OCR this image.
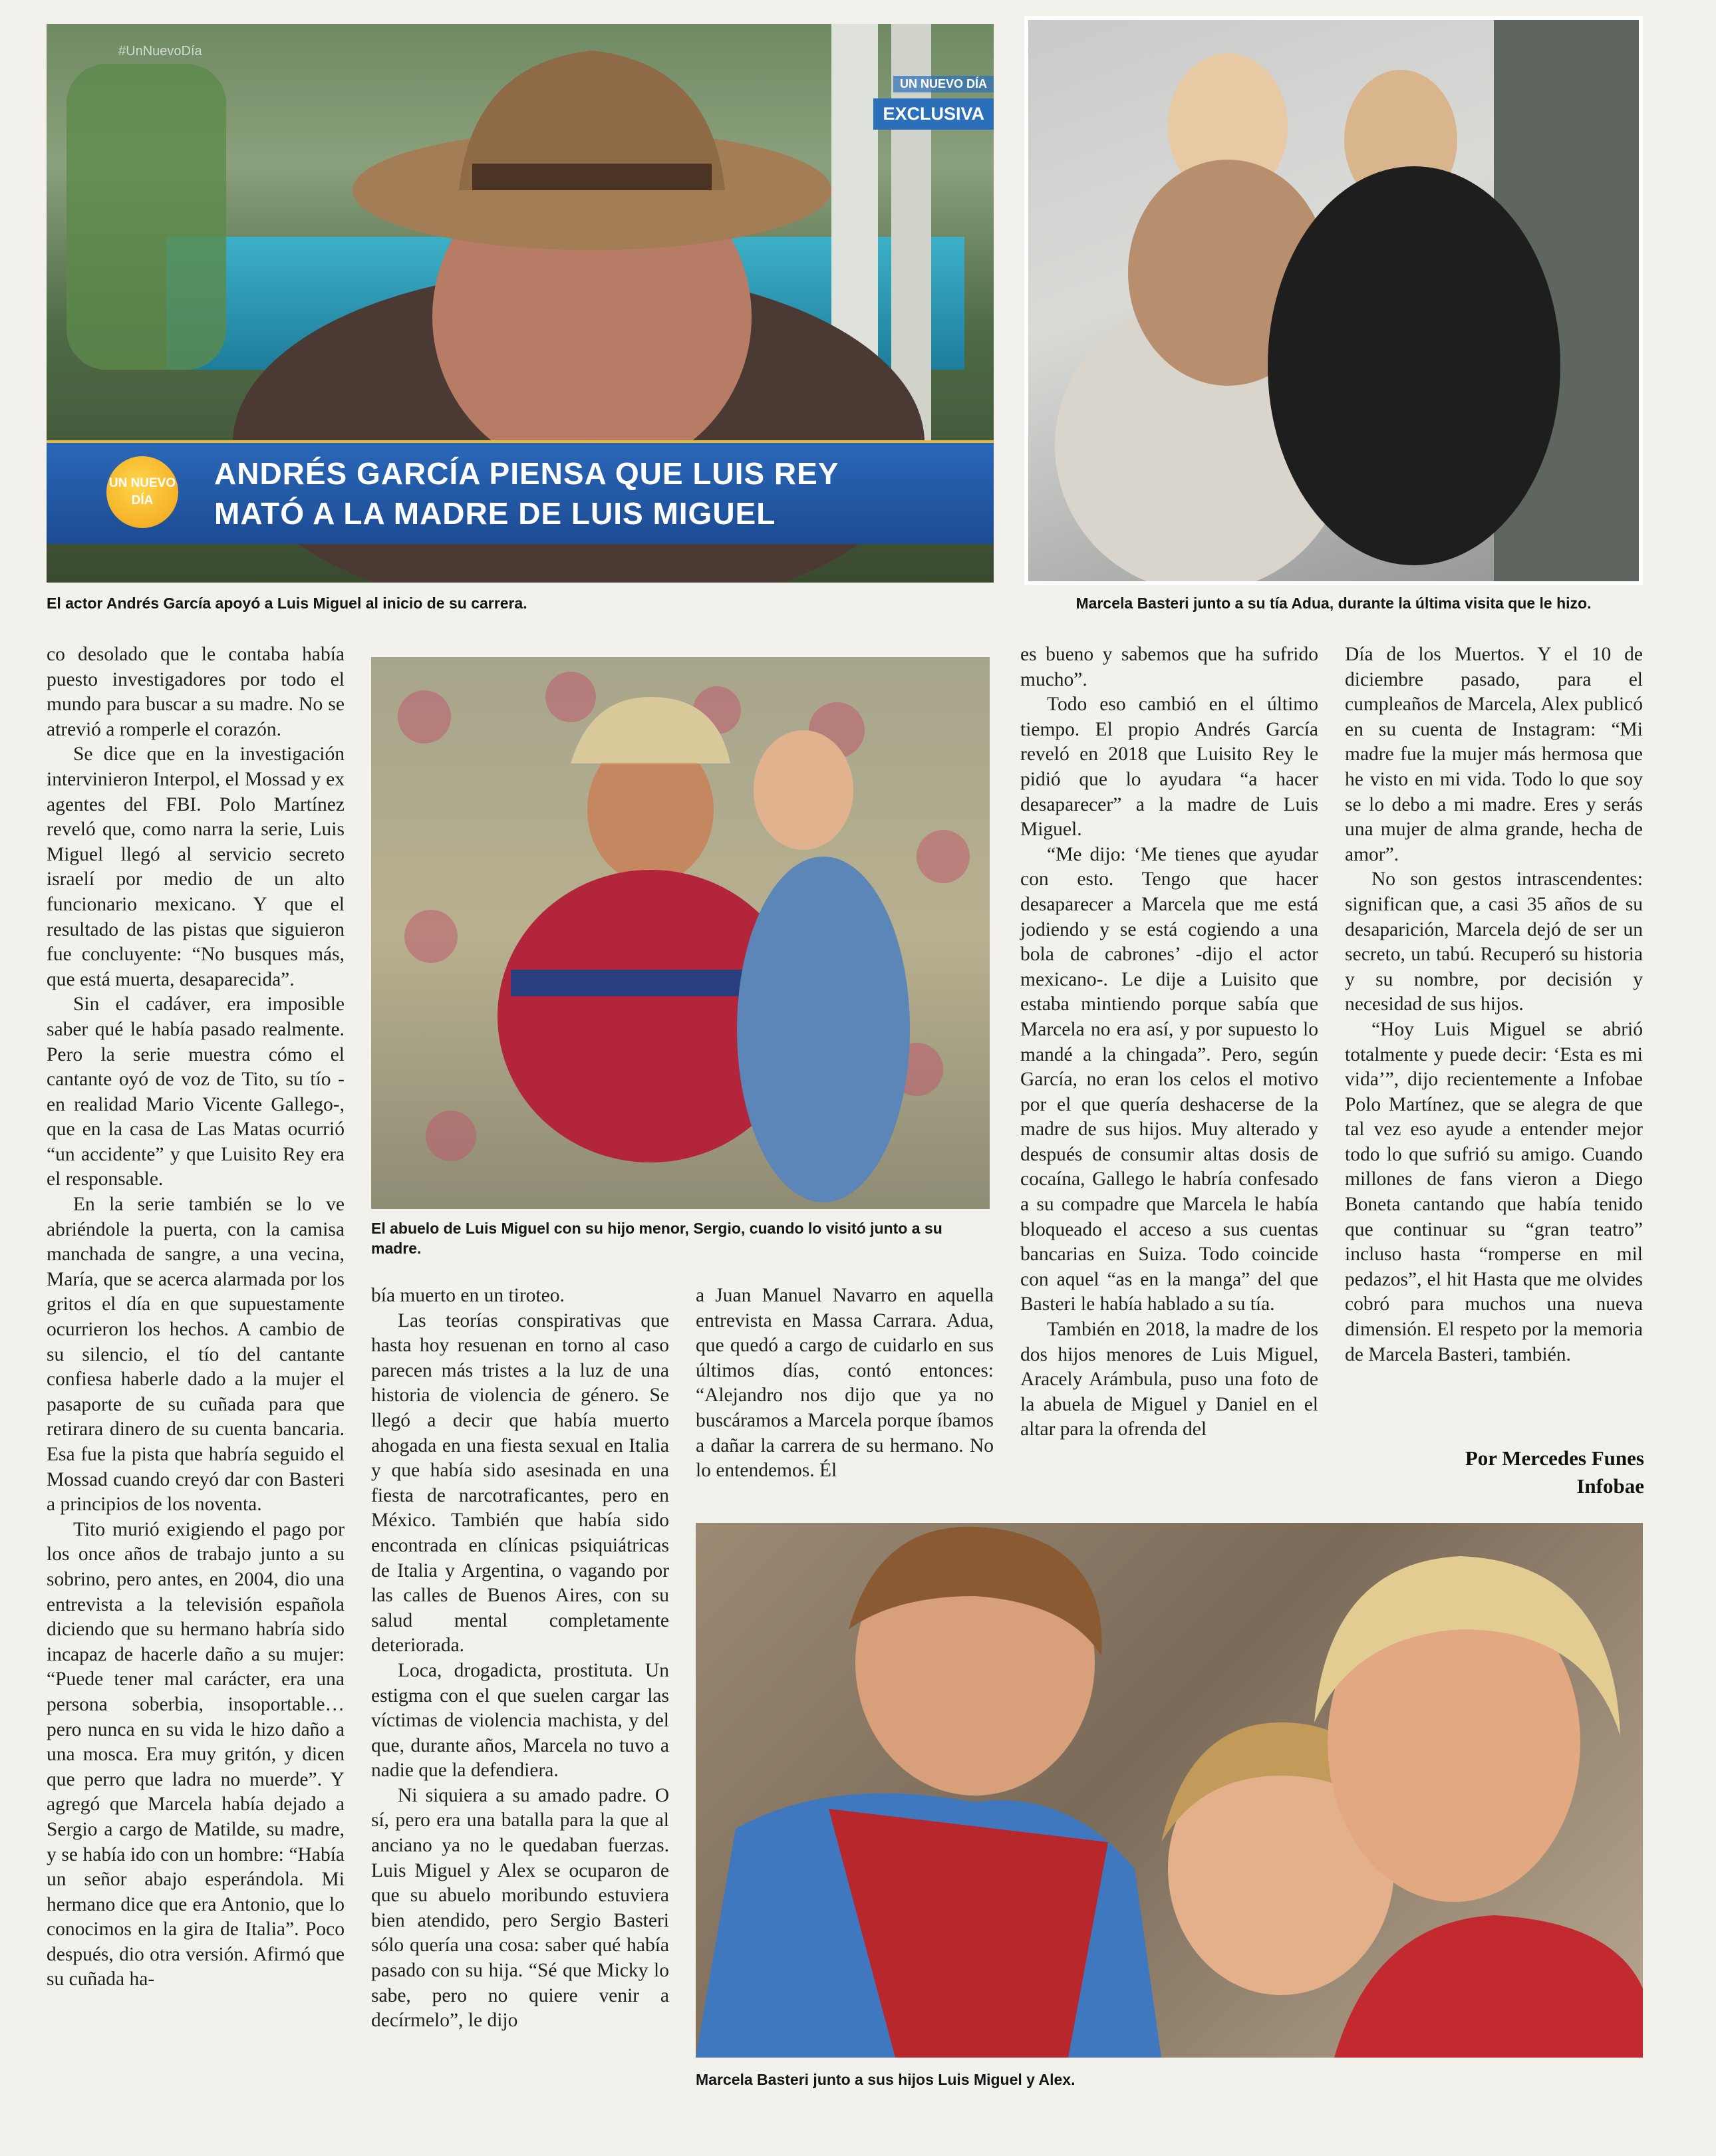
#UnNuevoDía
UN NUEVO DÍA
EXCLUSIVA
UN NUEVO DÍA
ANDRÉS GARCÍA PIENSA QUE LUIS REY
MATÓ A LA MADRE DE LUIS MIGUEL
El actor Andrés García apoyó a Luis Miguel al inicio de su carrera.	Marcela Basteri junto a su tía Adua, durante la última visita que le hizo.
El abuelo de Luis Miguel con su hijo menor, Sergio, cuando lo visitó junto a su madre.
Marcela Basteri junto a sus hijos Luis Miguel y Alex.

co desolado que le contaba había puesto investigadores por todo el mundo para buscar a su madre. No se atrevió a romperle el corazón.

Se dice que en la investigación intervinieron Interpol, el Mossad y ex agentes del FBI. Polo Martínez reveló que, como narra la serie, Luis Miguel llegó al servicio secreto israelí por medio de un alto funcionario mexicano. Y que el resultado de las pistas que siguieron fue concluyente: “No busques más, que está muerta, desaparecida”.

Sin el cadáver, era imposible saber qué le había pasado realmente. Pero la serie muestra cómo el cantante oyó de voz de Tito, su tío -en realidad Mario Vicente Gallego-, que en la casa de Las Matas ocurrió “un accidente” y que Luisito Rey era el responsable.

En la serie también se lo ve abriéndole la puerta, con la camisa manchada de sangre, a una vecina, María, que se acerca alarmada por los gritos el día en que supuestamente ocurrieron los hechos. A cambio de su silencio, el tío del cantante confiesa haberle dado a la mujer el pasaporte de su cuñada para que retirara dinero de su cuenta bancaria. Esa fue la pista que habría seguido el Mossad cuando creyó dar con Basteri a principios de los noventa.

Tito murió exigiendo el pago por los once años de trabajo junto a su sobrino, pero antes, en 2004, dio una entrevista a la televisión española diciendo que su hermano habría sido incapaz de hacerle daño a su mujer: “Puede tener mal carácter, era una persona soberbia, insoportable… pero nunca en su vida le hizo daño a una mosca. Era muy gritón, y dicen que perro que ladra no muerde”. Y agregó que Marcela había dejado a Sergio a cargo de Matilde, su madre, y se había ido con un hombre: “Había un señor abajo esperándola. Mi hermano dice que era Antonio, que lo conocimos en la gira de Italia”. Poco después, dio otra versión. Afirmó que su cuñada ha-

bía muerto en un tiroteo.

Las teorías conspirativas que hasta hoy resuenan en torno al caso parecen más tristes a la luz de una historia de violencia de género. Se llegó a decir que había muerto ahogada en una fiesta sexual en Italia y que había sido asesinada en una fiesta de narcotraficantes, pero en México. También que había sido encontrada en clínicas psiquiátricas de Italia y Argentina, o vagando por las calles de Buenos Aires, con su salud mental completamente deteriorada.

Loca, drogadicta, prostituta. Un estigma con el que suelen cargar las víctimas de violencia machista, y del que, durante años, Marcela no tuvo a nadie que la defendiera.

Ni siquiera a su amado padre. O sí, pero era una batalla para la que al anciano ya no le quedaban fuerzas. Luis Miguel y Alex se ocuparon de que su abuelo moribundo estuviera bien atendido, pero Sergio Basteri sólo quería una cosa: saber qué había pasado con su hija. “Sé que Micky lo sabe, pero no quiere venir a decírmelo”, le dijo

a Juan Manuel Navarro en aquella entrevista en Massa Carrara. Adua, que quedó a cargo de cuidarlo en sus últimos días, contó entonces: “Alejandro nos dijo que ya no buscáramos a Marcela porque íbamos a dañar la carrera de su hermano. No lo entendemos. Él

es bueno y sabemos que ha sufrido mucho”.

Todo eso cambió en el último tiempo. El propio Andrés García reveló en 2018 que Luisito Rey le pidió que lo ayudara “a hacer desaparecer” a la madre de Luis Miguel.

“Me dijo: ‘Me tienes que ayudar con esto. Tengo que hacer desaparecer a Marcela que me está jodiendo y se está cogiendo a una bola de cabrones’ -dijo el actor mexicano-. Le dije a Luisito que estaba mintiendo porque sabía que Marcela no era así, y por supuesto lo mandé a la chingada”. Pero, según García, no eran los celos el motivo por el que quería deshacerse de la madre de sus hijos. Muy alterado y después de consumir altas dosis de cocaína, Gallego le habría confesado a su compadre que Marcela le había bloqueado el acceso a sus cuentas bancarias en Suiza. Todo coincide con aquel “as en la manga” del que Basteri le había hablado a su tía.

También en 2018, la madre de los dos hijos menores de Luis Miguel, Aracely Arámbula, puso una foto de la abuela de Miguel y Daniel en el altar para la ofrenda del

Día de los Muertos. Y el 10 de diciembre pasado, para el cumpleaños de Marcela, Alex publicó en su cuenta de Instagram: “Mi madre fue la mujer más hermosa que he visto en mi vida. Todo lo que soy se lo debo a mi madre. Eres y serás una mujer de alma grande, hecha de amor”.

No son gestos intrascendentes: significan que, a casi 35 años de su desaparición, Marcela dejó de ser un secreto, un tabú. Recuperó su historia y su nombre, por decisión y necesidad de sus hijos.

“Hoy Luis Miguel se abrió totalmente y puede decir: ‘Esta es mi vida’”, dijo recientemente a Infobae Polo Martínez, que se alegra de que tal vez eso ayude a entender mejor todo lo que sufrió su amigo. Cuando millones de fans vieron a Diego Boneta cantando que había tenido que continuar su “gran teatro” incluso hasta “romperse en mil pedazos”, el hit Hasta que me olvides cobró para muchos una nueva dimensión. El respeto por la memoria de Marcela Basteri, también.

Por Mercedes Funes
Infobae
